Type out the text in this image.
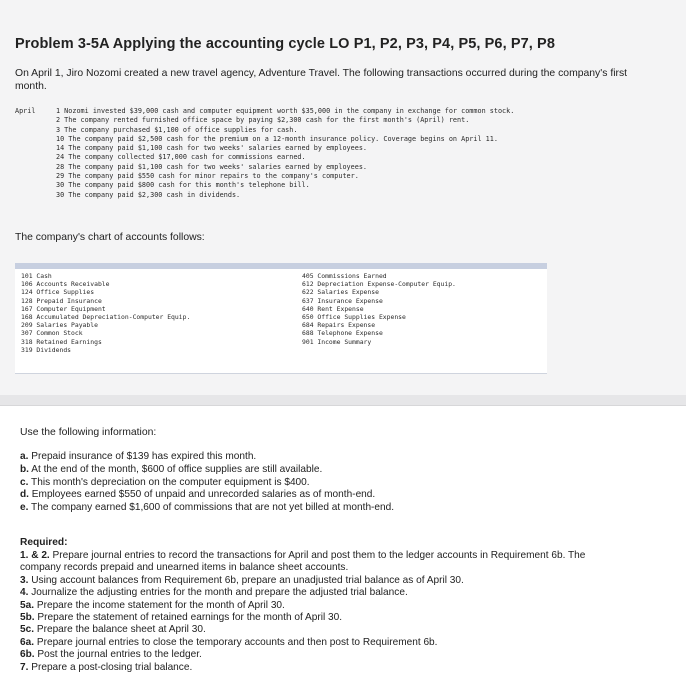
Problem 3-5A Applying the accounting cycle LO P1, P2, P3, P4, P5, P6, P7, P8
On April 1, Jiro Nozomi created a new travel agency, Adventure Travel. The following transactions occurred during the company's first
month.
April	1 Nozomi invested $39,000 cash and computer equipment worth $35,000 in the company in exchange for common stock.
2 The company rented furnished office space by paying $2,300 cash for the first month's (April) rent.
3 The company purchased $1,100 of office supplies for cash.
10 The company paid $2,500 cash for the premium on a 12-month insurance policy. Coverage begins on April 11.
14 The company paid $1,100 cash for two weeks' salaries earned by employees.
24 The company collected $17,000 cash for commissions earned.
28 The company paid $1,100 cash for two weeks' salaries earned by employees.
29 The company paid $550 cash for minor repairs to the company's computer.
30 The company paid $800 cash for this month's telephone bill.
30 The company paid $2,300 cash in dividends.
The company's chart of accounts follows:
101 Cash
106 Accounts Receivable
124 Office Supplies
128 Prepaid Insurance
167 Computer Equipment
168 Accumulated Depreciation-Computer Equip.
209 Salaries Payable
307 Common Stock
318 Retained Earnings
319 Dividends
405 Commissions Earned
612 Depreciation Expense-Computer Equip.
622 Salaries Expense
637 Insurance Expense
640 Rent Expense
650 Office Supplies Expense
684 Repairs Expense
688 Telephone Expense
901 Income Summary
Use the following information:
a. Prepaid insurance of $139 has expired this month.
b. At the end of the month, $600 of office supplies are still available.
c. This month's depreciation on the computer equipment is $400.
d. Employees earned $550 of unpaid and unrecorded salaries as of month-end.
e. The company earned $1,600 of commissions that are not yet billed at month-end.
Required:
1. & 2. Prepare journal entries to record the transactions for April and post them to the ledger accounts in Requirement 6b. The
company records prepaid and unearned items in balance sheet accounts.
3. Using account balances from Requirement 6b, prepare an unadjusted trial balance as of April 30.
4. Journalize the adjusting entries for the month and prepare the adjusted trial balance.
5a. Prepare the income statement for the month of April 30.
5b. Prepare the statement of retained earnings for the month of April 30.
5c. Prepare the balance sheet at April 30.
6a. Prepare journal entries to close the temporary accounts and then post to Requirement 6b.
6b. Post the journal entries to the ledger.
7. Prepare a post-closing trial balance.
